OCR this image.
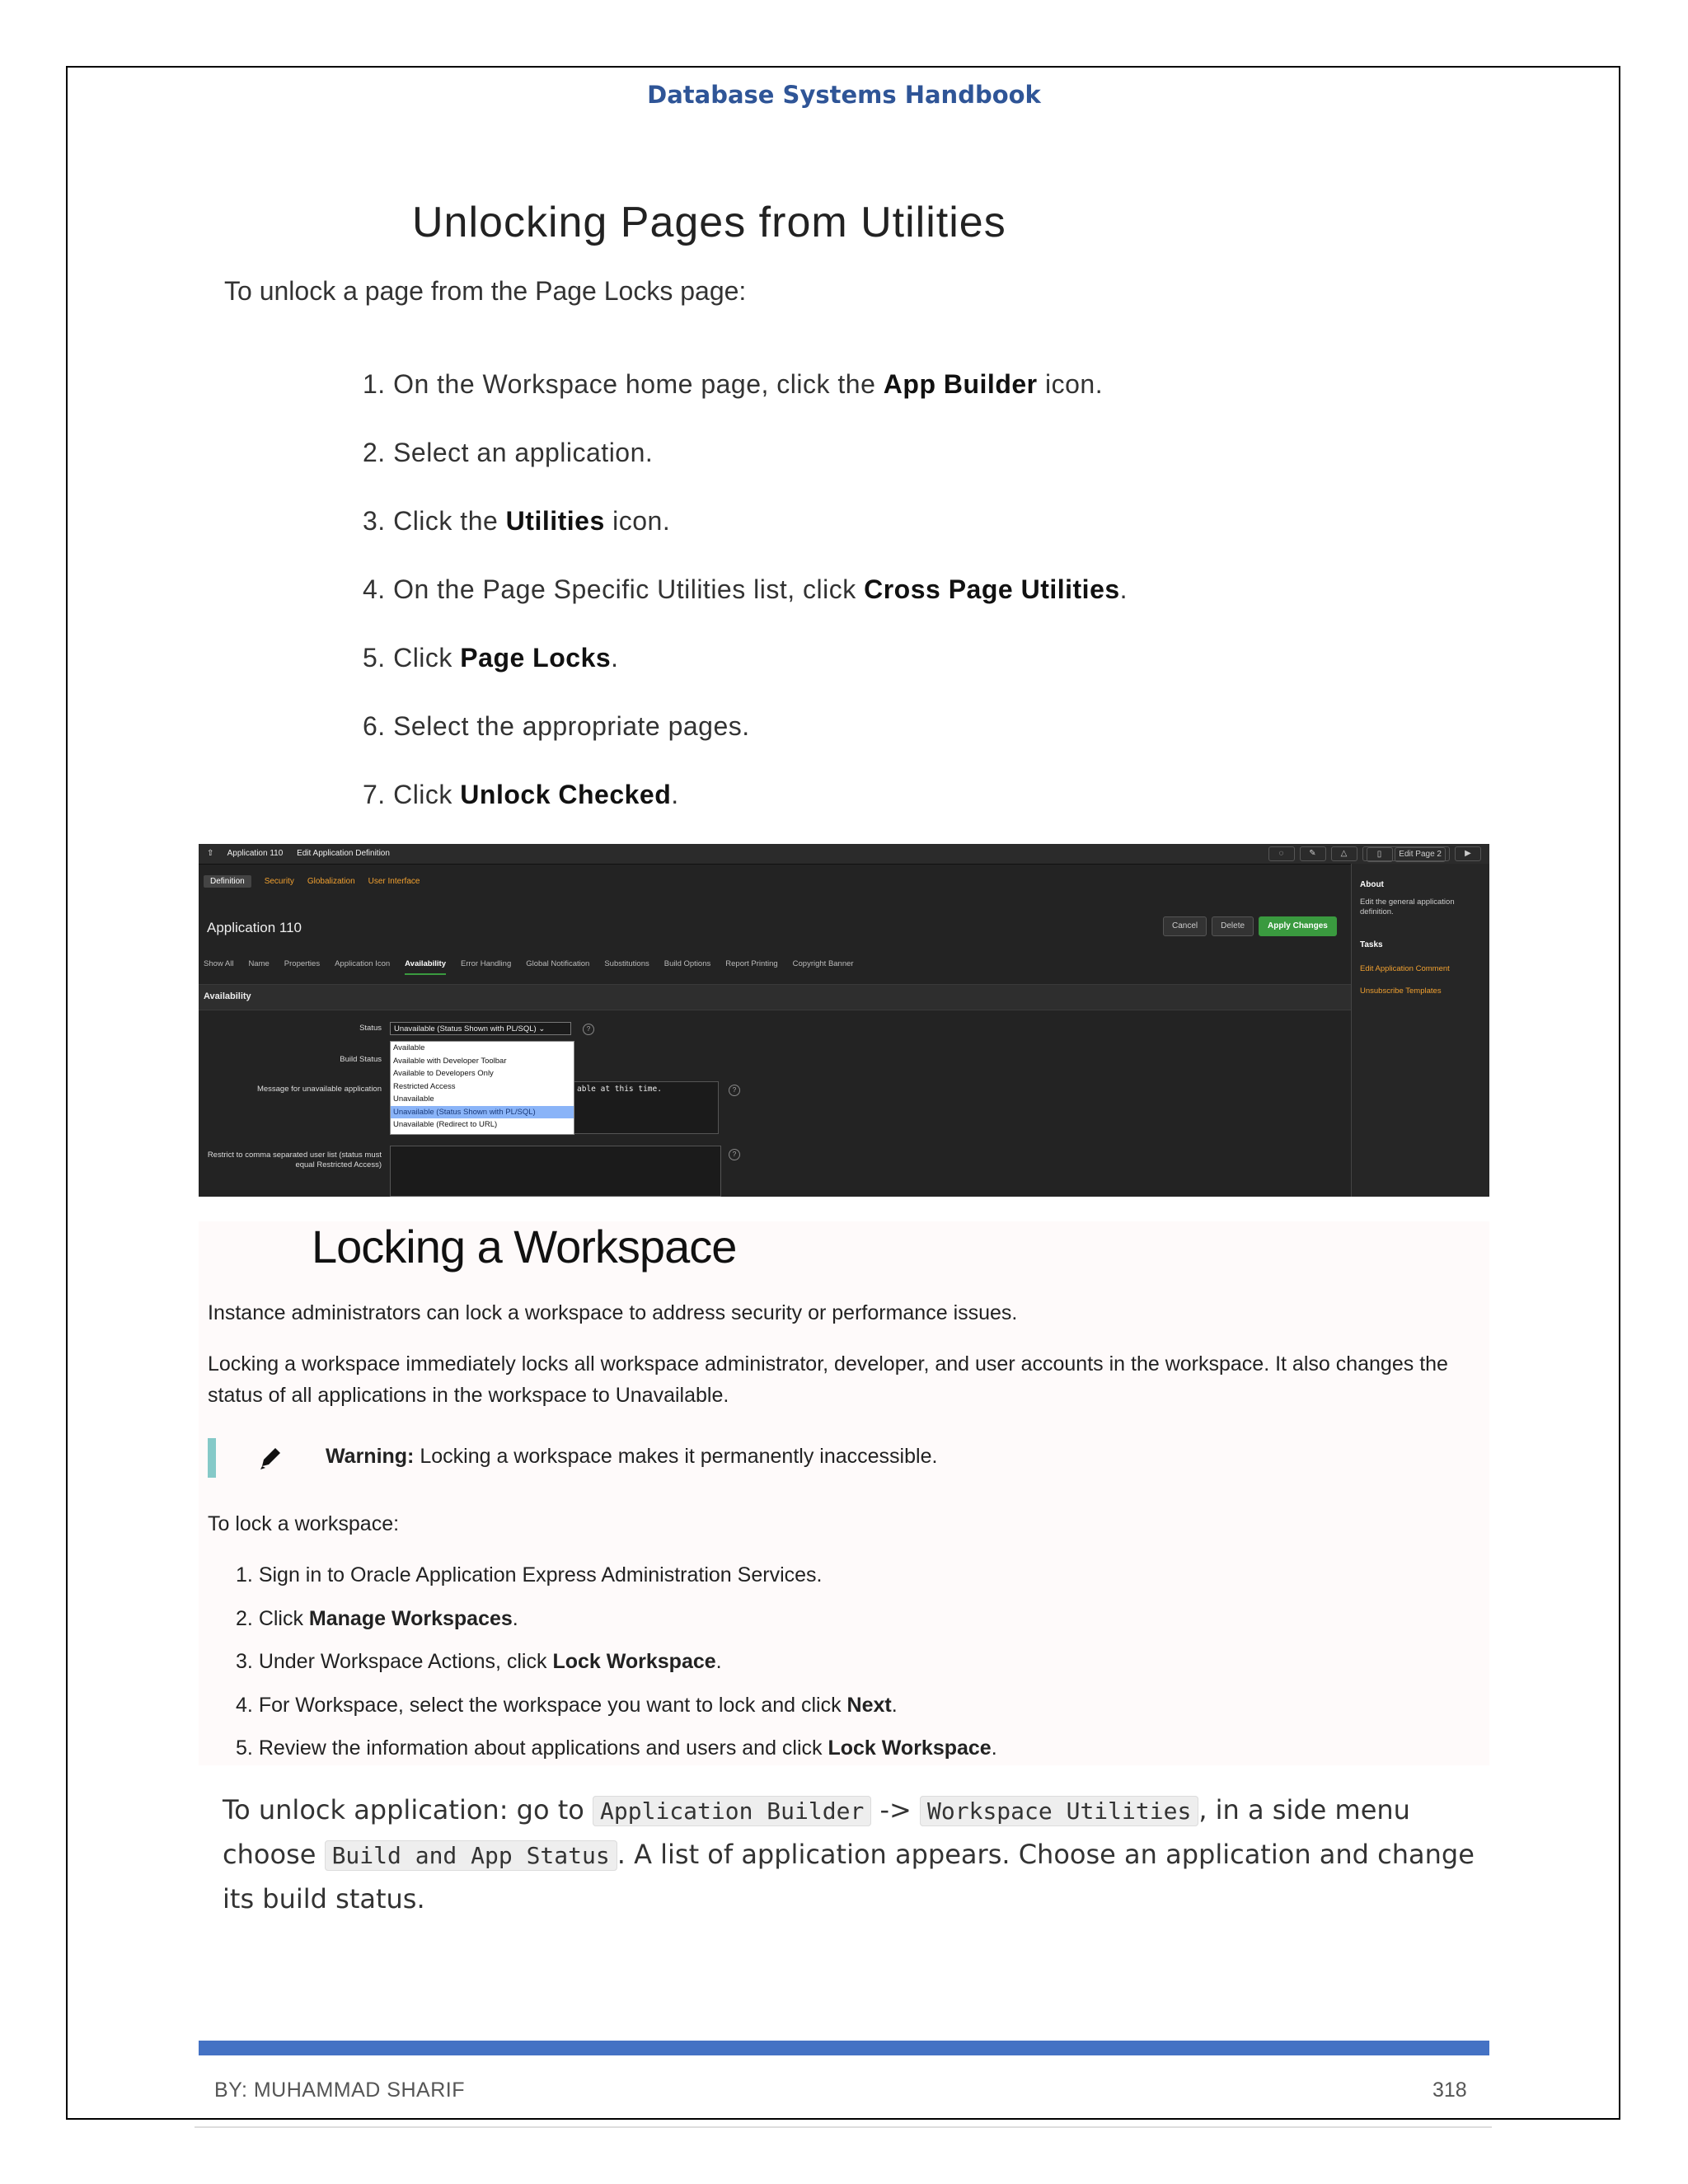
Database Systems Handbook
Unlocking Pages from Utilities
To unlock a page from the Page Locks page:
1. On the Workspace home page, click the App Builder icon.
2. Select an application.
3. Click the Utilities icon.
4. On the Page Specific Utilities list, click Cross Page Utilities.
5. Click Page Locks.
6. Select the appropriate pages.
7. Click Unlock Checked.
⇧ Application 110 Edit Application Definition	◌	✎	△	▯ Edit Page 2	▶
Definition	Security Globalization User Interface
Application 110	Cancel	Delete	Apply Changes
Show All Name Properties Application Icon Availability Error Handling Global Notification Substitutions Build Options Report Printing Copyright Banner
Availability
Status	Unavailable (Status Shown with PL/SQL) ⌄	?
Build Status
Message for unavailable application	able at this time.	?
Available
Available with Developer Toolbar
Available to Developers Only
Restricted Access
Unavailable
Unavailable (Status Shown with PL/SQL)
Unavailable (Redirect to URL)
Restrict to comma separated user list (status must equal Restricted Access)
?
About
Edit the general application definition.
Tasks
Edit Application Comment
Unsubscribe Templates
Locking a Workspace
Instance administrators can lock a workspace to address security or performance issues.
Locking a workspace immediately locks all workspace administrator, developer, and user accounts in the workspace. It also changes the status of all applications in the workspace to Unavailable.
Warning: Locking a workspace makes it permanently inaccessible.
To lock a workspace:
1. Sign in to Oracle Application Express Administration Services.
2. Click Manage Workspaces.
3. Under Workspace Actions, click Lock Workspace.
4. For Workspace, select the workspace you want to lock and click Next.
5. Review the information about applications and users and click Lock Workspace.
To unlock application: go to Application Builder -> Workspace Utilities , in a side menu choose Build and App Status . A list of application appears. Choose an application and change its build status.
BY: MUHAMMAD SHARIF	318
